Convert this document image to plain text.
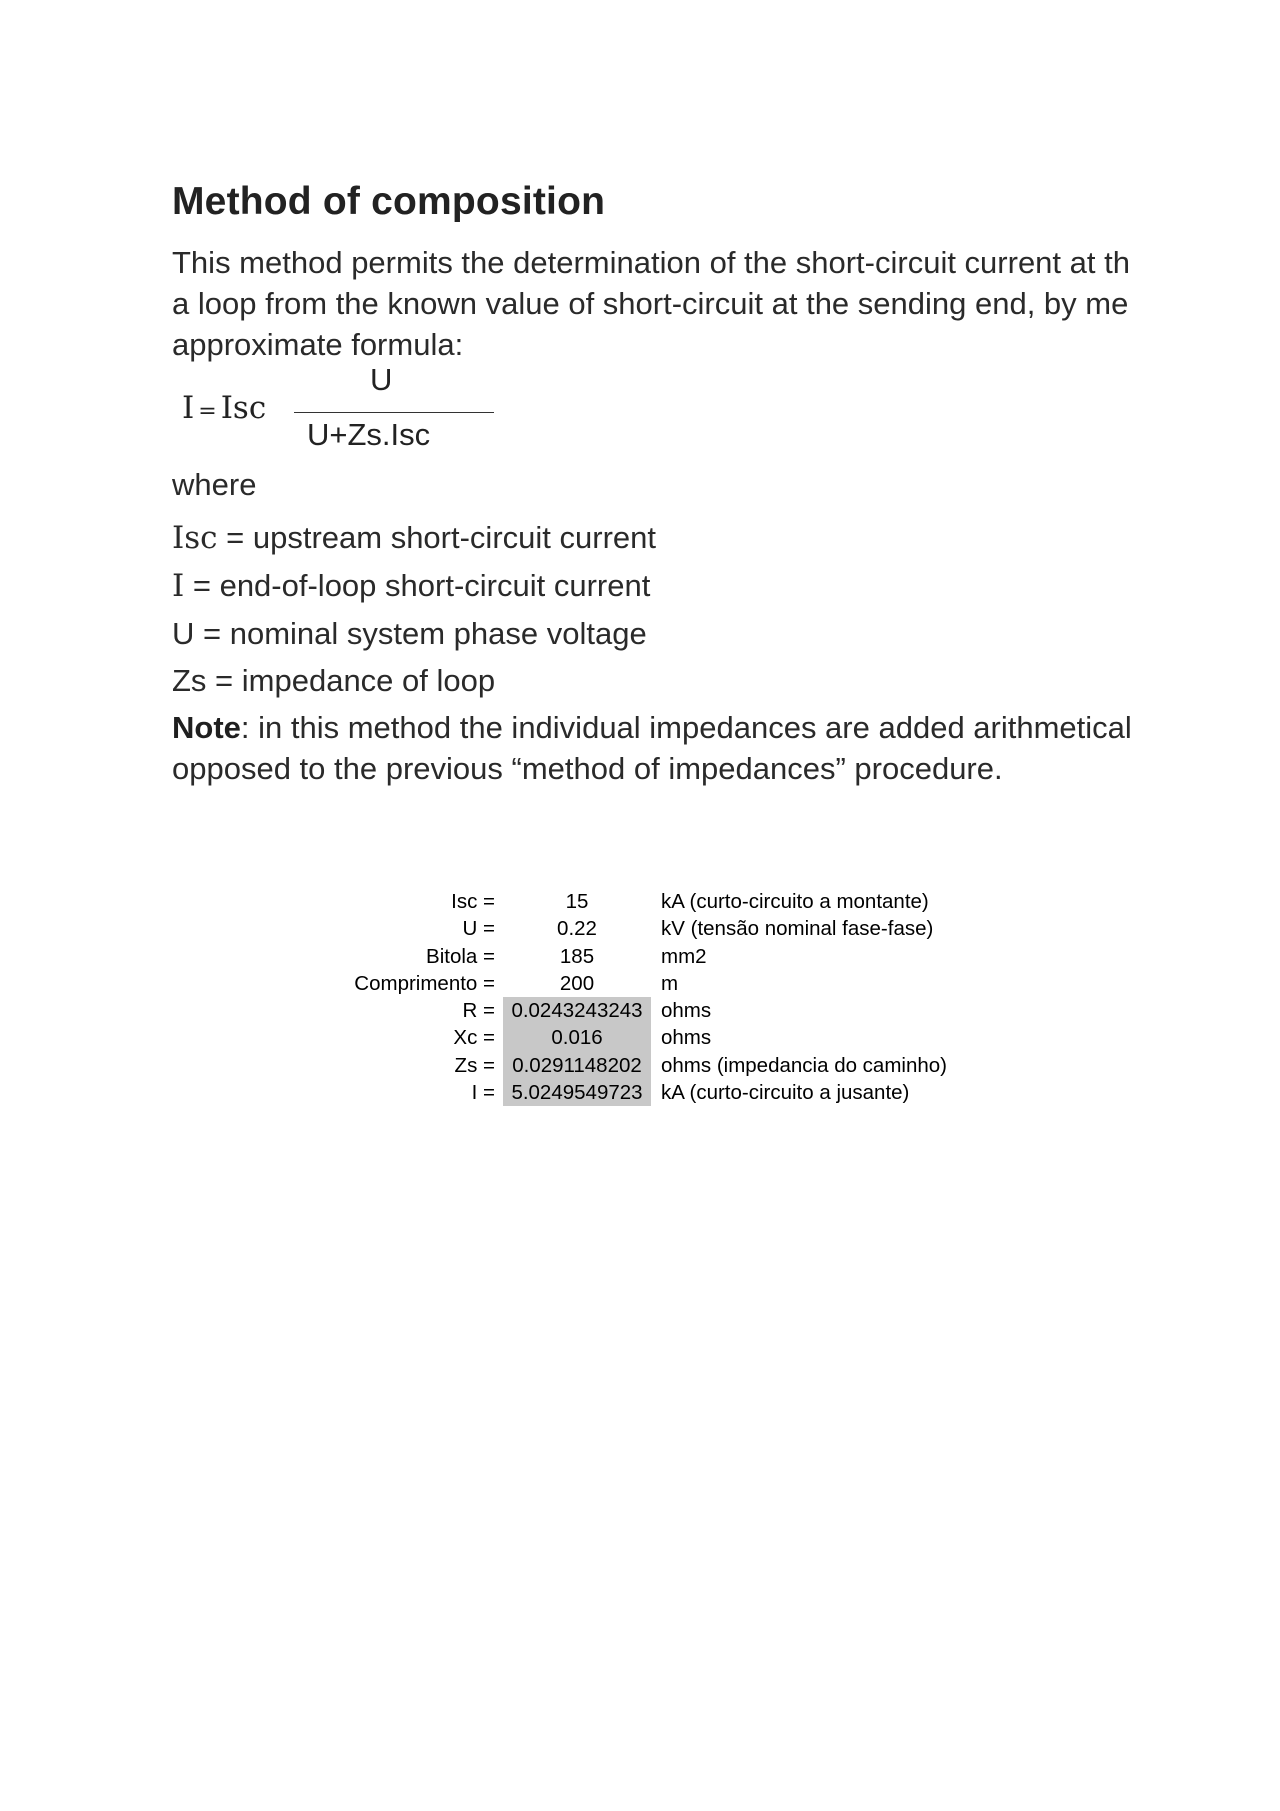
Method of composition
This method permits the determination of the short-circuit current at th
a loop from the known value of short-circuit at the sending end, by me
approximate formula:
I = Isc
U
U+Zs.Isc
where
Isc = upstream short-circuit current
I = end-of-loop short-circuit current
U = nominal system phase voltage
Zs = impedance of loop
Note: in this method the individual impedances are added arithmetical
opposed to the previous “method of impedances” procedure.
Isc =	15	kA (curto-circuito a montante)
U =	0.22	kV (tensão nominal fase-fase)
Bitola =	185	mm2
Comprimento =	200	m
R = 0.0243243243 ohms
Xc =	0.016	ohms
Zs = 0.0291148202 ohms (impedancia do caminho)
I = 5.0249549723 kA (curto-circuito a jusante)
